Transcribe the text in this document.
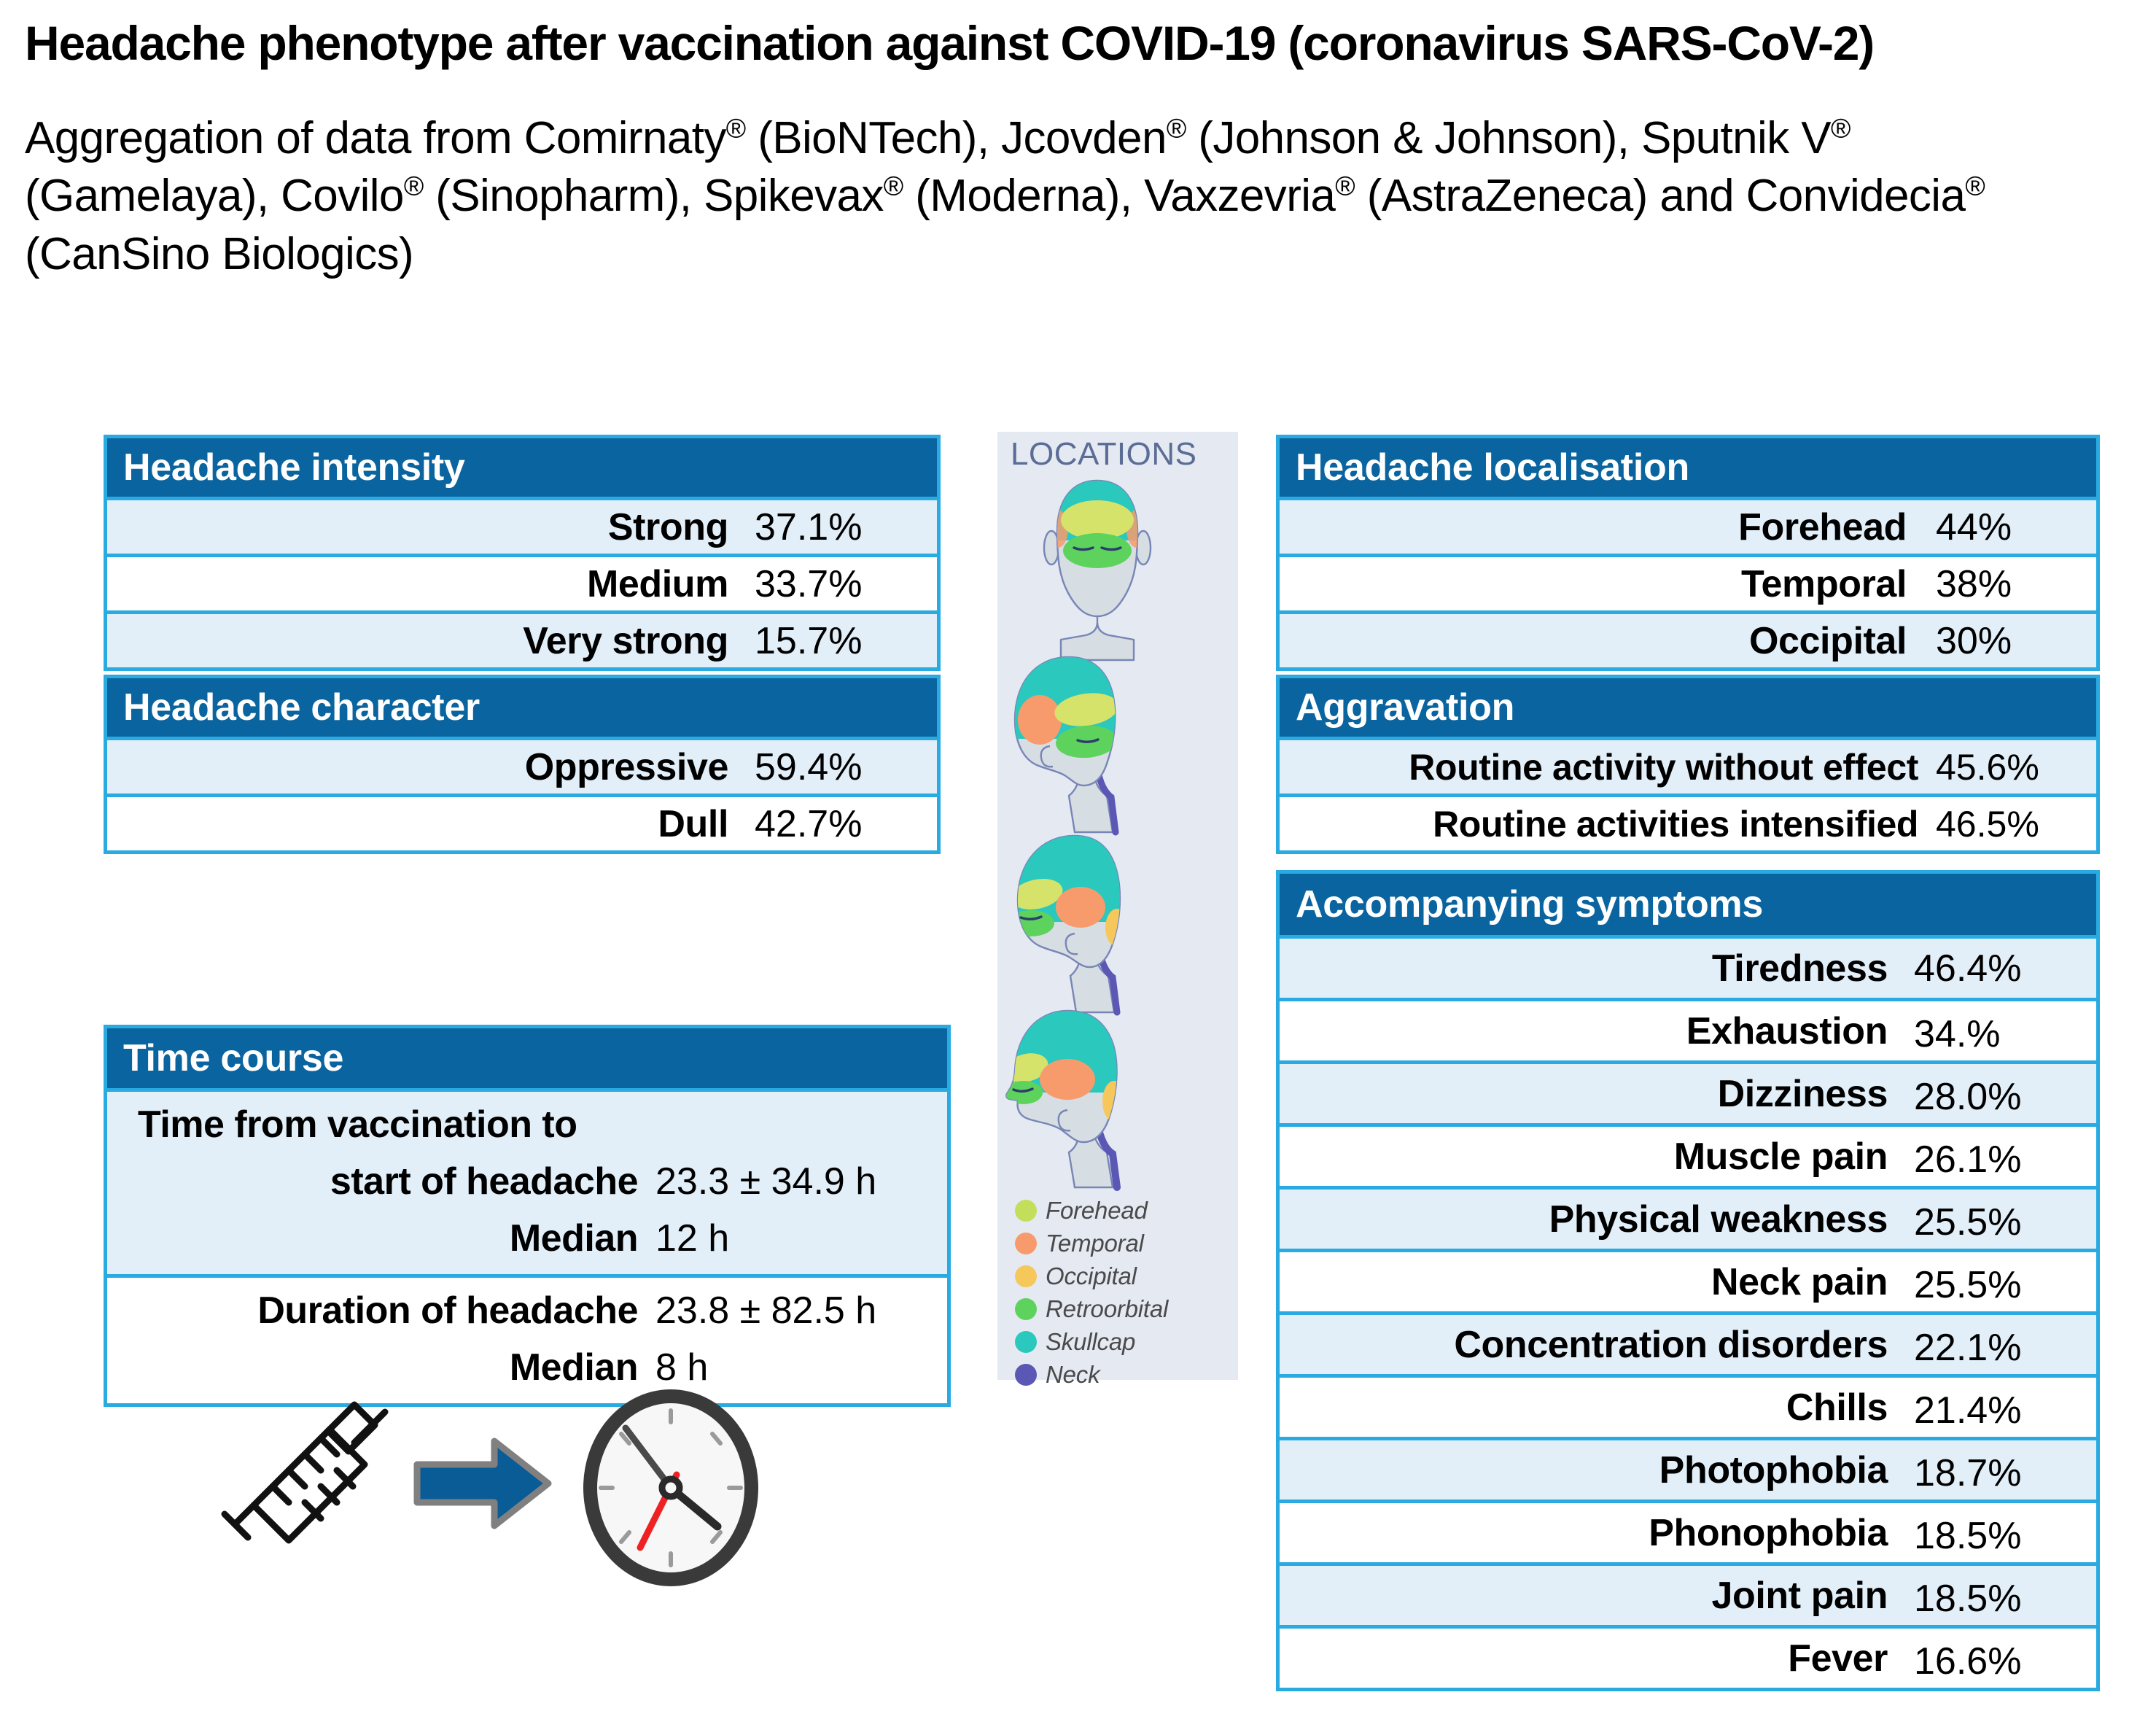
Headache phenotype after vaccination against COVID-19 (coronavirus SARS-CoV-2)
Aggregation of data from Comirnaty® (BioNTech), Jcovden® (Johnson & Johnson), Sputnik V® (Gamelaya), Covilo® (Sinopharm), Spikevax® (Moderna), Vaxzevria® (AstraZeneca) and Convidecia® (CanSino Biologics)
Headache intensity
Strong 37.1%
Medium 33.7%
Very strong 15.7%
Headache character
Oppressive 59.4%
Dull 42.7%
Time course
Time from vaccination to
start of headache 23.3 ± 34.9 h
Median 12 h
Duration of headache 23.8 ± 82.5 h
Median 8 h
Headache localisation
Forehead 44%
Temporal 38%
Occipital 30%
Aggravation
Routine activity without effect 45.6%
Routine activities intensified 46.5%
Accompanying symptoms
Tiredness 46.4%
Exhaustion 34.%
Dizziness 28.0%
Muscle pain 26.1%
Physical weakness 25.5%
Neck pain 25.5%
Concentration disorders 22.1%
Chills 21.4%
Photophobia 18.7%
Phonophobia 18.5%
Joint pain 18.5%
Fever 16.6%
LOCATIONS
Forehead
Temporal
Occipital
Retroorbital
Skullcap
Neck
